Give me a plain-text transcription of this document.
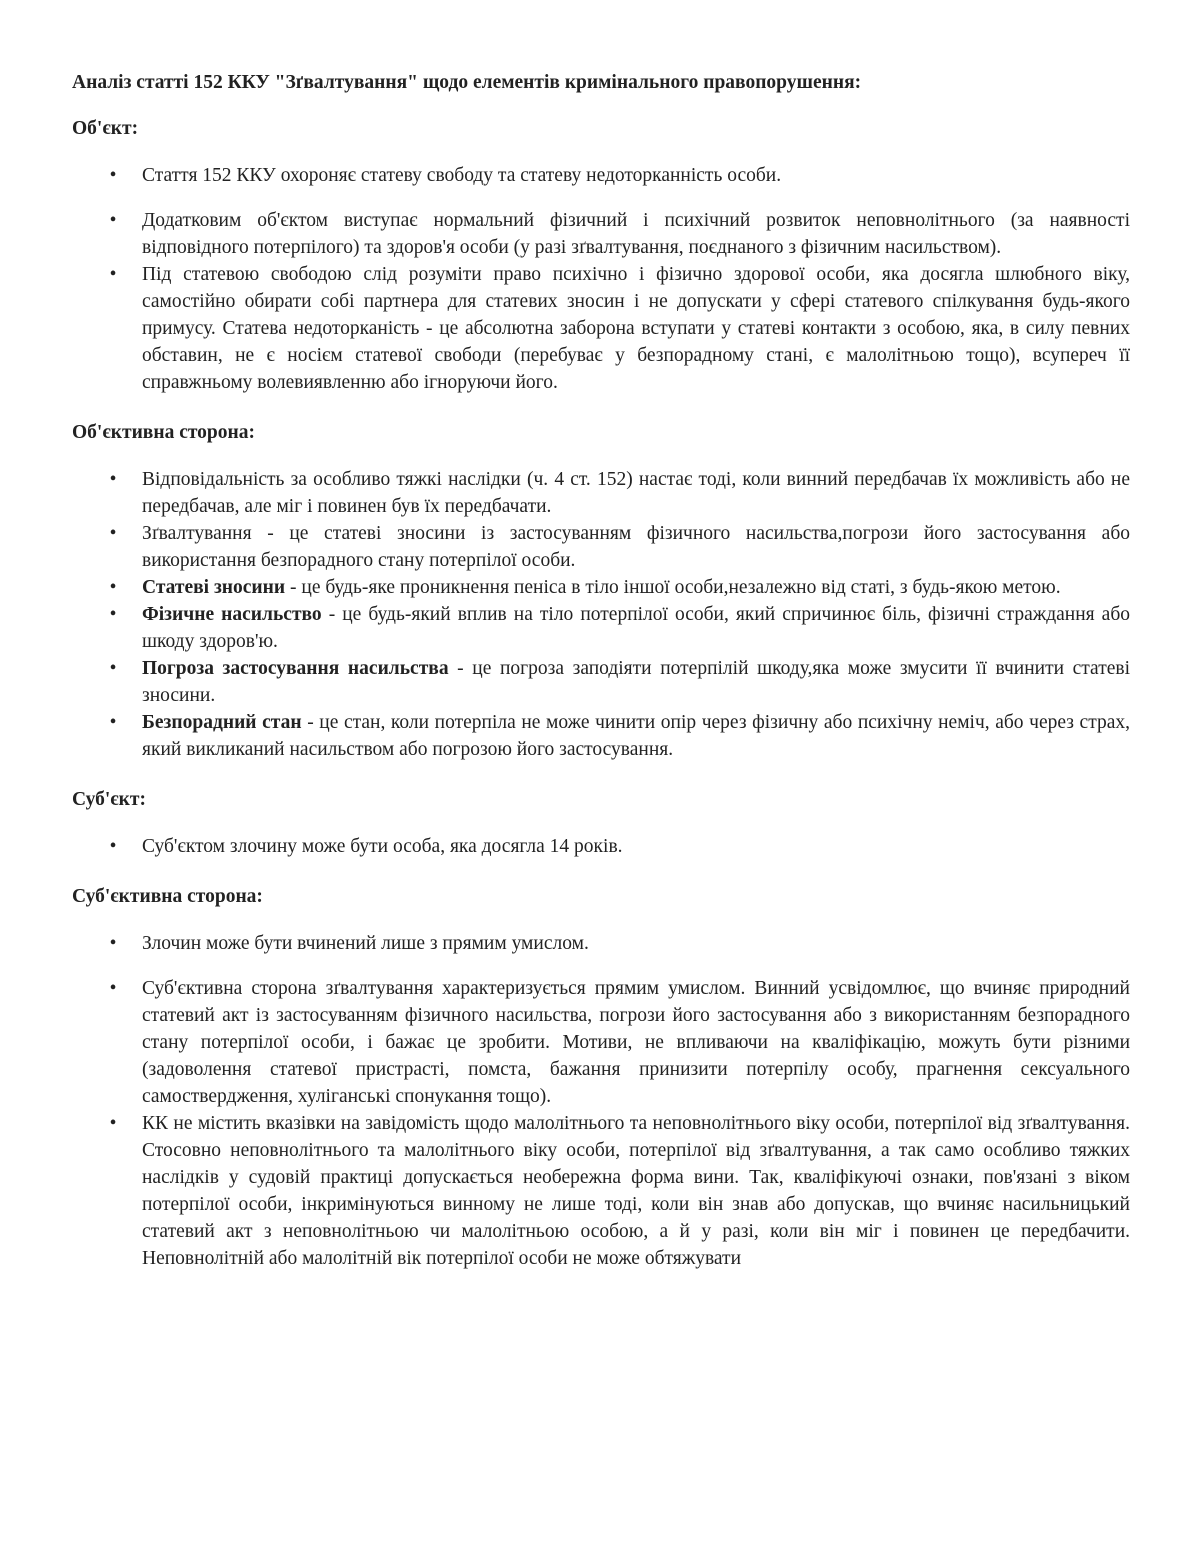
Аналіз статті 152 ККУ "Зґвалтування" щодо елементів кримінального правопорушення:
Об'єкт:
•	Стаття 152 ККУ охороняє статеву свободу та статеву недоторканність особи.
•	Додатковим об'єктом виступає нормальний фізичний і психічний розвиток неповнолітнього (за наявності відповідного потерпілого) та здоров'я особи (у разі зґвалтування, поєднаного з фізичним насильством).
•	Під статевою свободою слід розуміти право психічно і фізично здорової особи, яка досягла шлюбного віку, самостійно обирати собі партнера для статевих зносин і не допускати у сфері статевого спілкування будь-якого примусу. Статева недоторканість - це абсолютна заборона вступати у статеві контакти з особою, яка, в силу певних обставин, не є носієм статевої свободи (перебуває у безпорадному стані, є малолітньою тощо), всупереч її справжньому волевиявленню або ігноруючи його.
Об'єктивна сторона:
•	Відповідальність за особливо тяжкі наслідки (ч. 4 ст. 152) настає тоді, коли винний передбачав їх можливість або не передбачав, але міг і повинен був їх передбачати.
•	Зґвалтування - це статеві зносини із застосуванням фізичного насильства,погрози його застосування або використання безпорадного стану потерпілої особи.
•	Статеві зносини - це будь-яке проникнення пеніса в тіло іншої особи,незалежно від статі, з будь-якою метою.
•	Фізичне насильство - це будь-який вплив на тіло потерпілої особи, який спричинює біль, фізичні страждання або шкоду здоров'ю.
•	Погроза застосування насильства - це погроза заподіяти потерпілій шкоду,яка може змусити її вчинити статеві зносини.
•	Безпорадний стан - це стан, коли потерпіла не може чинити опір через фізичну або психічну неміч, або через страх, який викликаний насильством або погрозою його застосування.
Суб'єкт:
•	Суб'єктом злочину може бути особа, яка досягла 14 років.
Суб'єктивна сторона:
•	Злочин може бути вчинений лише з прямим умислом.
•	Суб'єктивна сторона зґвалтування характеризується прямим умислом. Винний усвідомлює, що вчиняє природний статевий акт із застосуванням фізичного насильства, погрози його застосування або з використанням безпорадного стану потерпілої особи, і бажає це зробити. Мотиви, не впливаючи на кваліфікацію, можуть бути різними (задоволення статевої пристрасті, помста, бажання принизити потерпілу особу, прагнення сексуального самоствердження, хуліганські спонукання тощо).
•	КК не містить вказівки на завідомість щодо малолітнього та неповнолітнього віку особи, потерпілої від зґвалтування. Стосовно неповнолітнього та малолітнього віку особи, потерпілої від зґвалтування, а так само особливо тяжких наслідків у судовій практиці допускається необережна форма вини. Так, кваліфікуючі ознаки, пов'язані з віком потерпілої особи, інкримінуються винному не лише тоді, коли він знав або допускав, що вчиняє насильницький статевий акт з неповнолітньою чи малолітньою особою, а й у разі, коли він міг і повинен це передбачити. Неповнолітній або малолітній вік потерпілої особи не може обтяжувати
